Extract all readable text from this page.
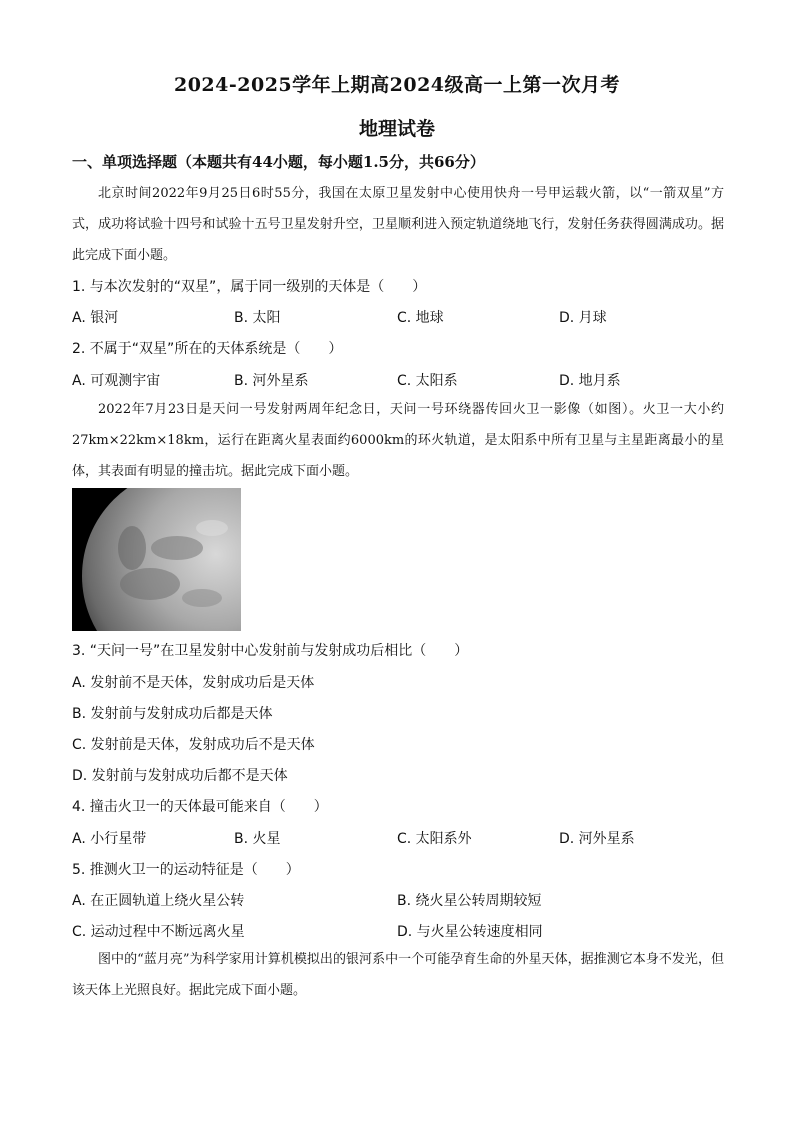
2024-2025学年上期高2024级高一上第一次月考
地理试卷
一、单项选择题（本题共有44小题，每小题1.5分，共66分）
北京时间2022年9月25日6时55分，我国在太原卫星发射中心使用快舟一号甲运载火箭，以“一箭双星”方式，成功将试验十四号和试验十五号卫星发射升空，卫星顺利进入预定轨道绕地飞行，发射任务获得圆满成功。据此完成下面小题。
1. 与本次发射的“双星”，属于同一级别的天体是（　　）
A. 银河	B. 太阳	C. 地球	D. 月球
2. 不属于“双星”所在的天体系统是（　　）
A. 可观测宇宙	B. 河外星系	C. 太阳系	D. 地月系
2022年7月23日是天问一号发射两周年纪念日，天问一号环绕器传回火卫一影像（如图）。火卫一大小约27km×22km×18km，运行在距离火星表面约6000km的环火轨道，是太阳系中所有卫星与主星距离最小的星体，其表面有明显的撞击坑。据此完成下面小题。
3. “天问一号”在卫星发射中心发射前与发射成功后相比（　　）
A. 发射前不是天体，发射成功后是天体
B. 发射前与发射成功后都是天体
C. 发射前是天体，发射成功后不是天体
D. 发射前与发射成功后都不是天体
4. 撞击火卫一的天体最可能来自（　　）
A. 小行星带	B. 火星	C. 太阳系外	D. 河外星系
5. 推测火卫一的运动特征是（　　）
A. 在正圆轨道上绕火星公转	B. 绕火星公转周期较短
C. 运动过程中不断远离火星	D. 与火星公转速度相同
图中的“蓝月亮”为科学家用计算机模拟出的银河系中一个可能孕育生命的外星天体，据推测它本身不发光，但该天体上光照良好。据此完成下面小题。
